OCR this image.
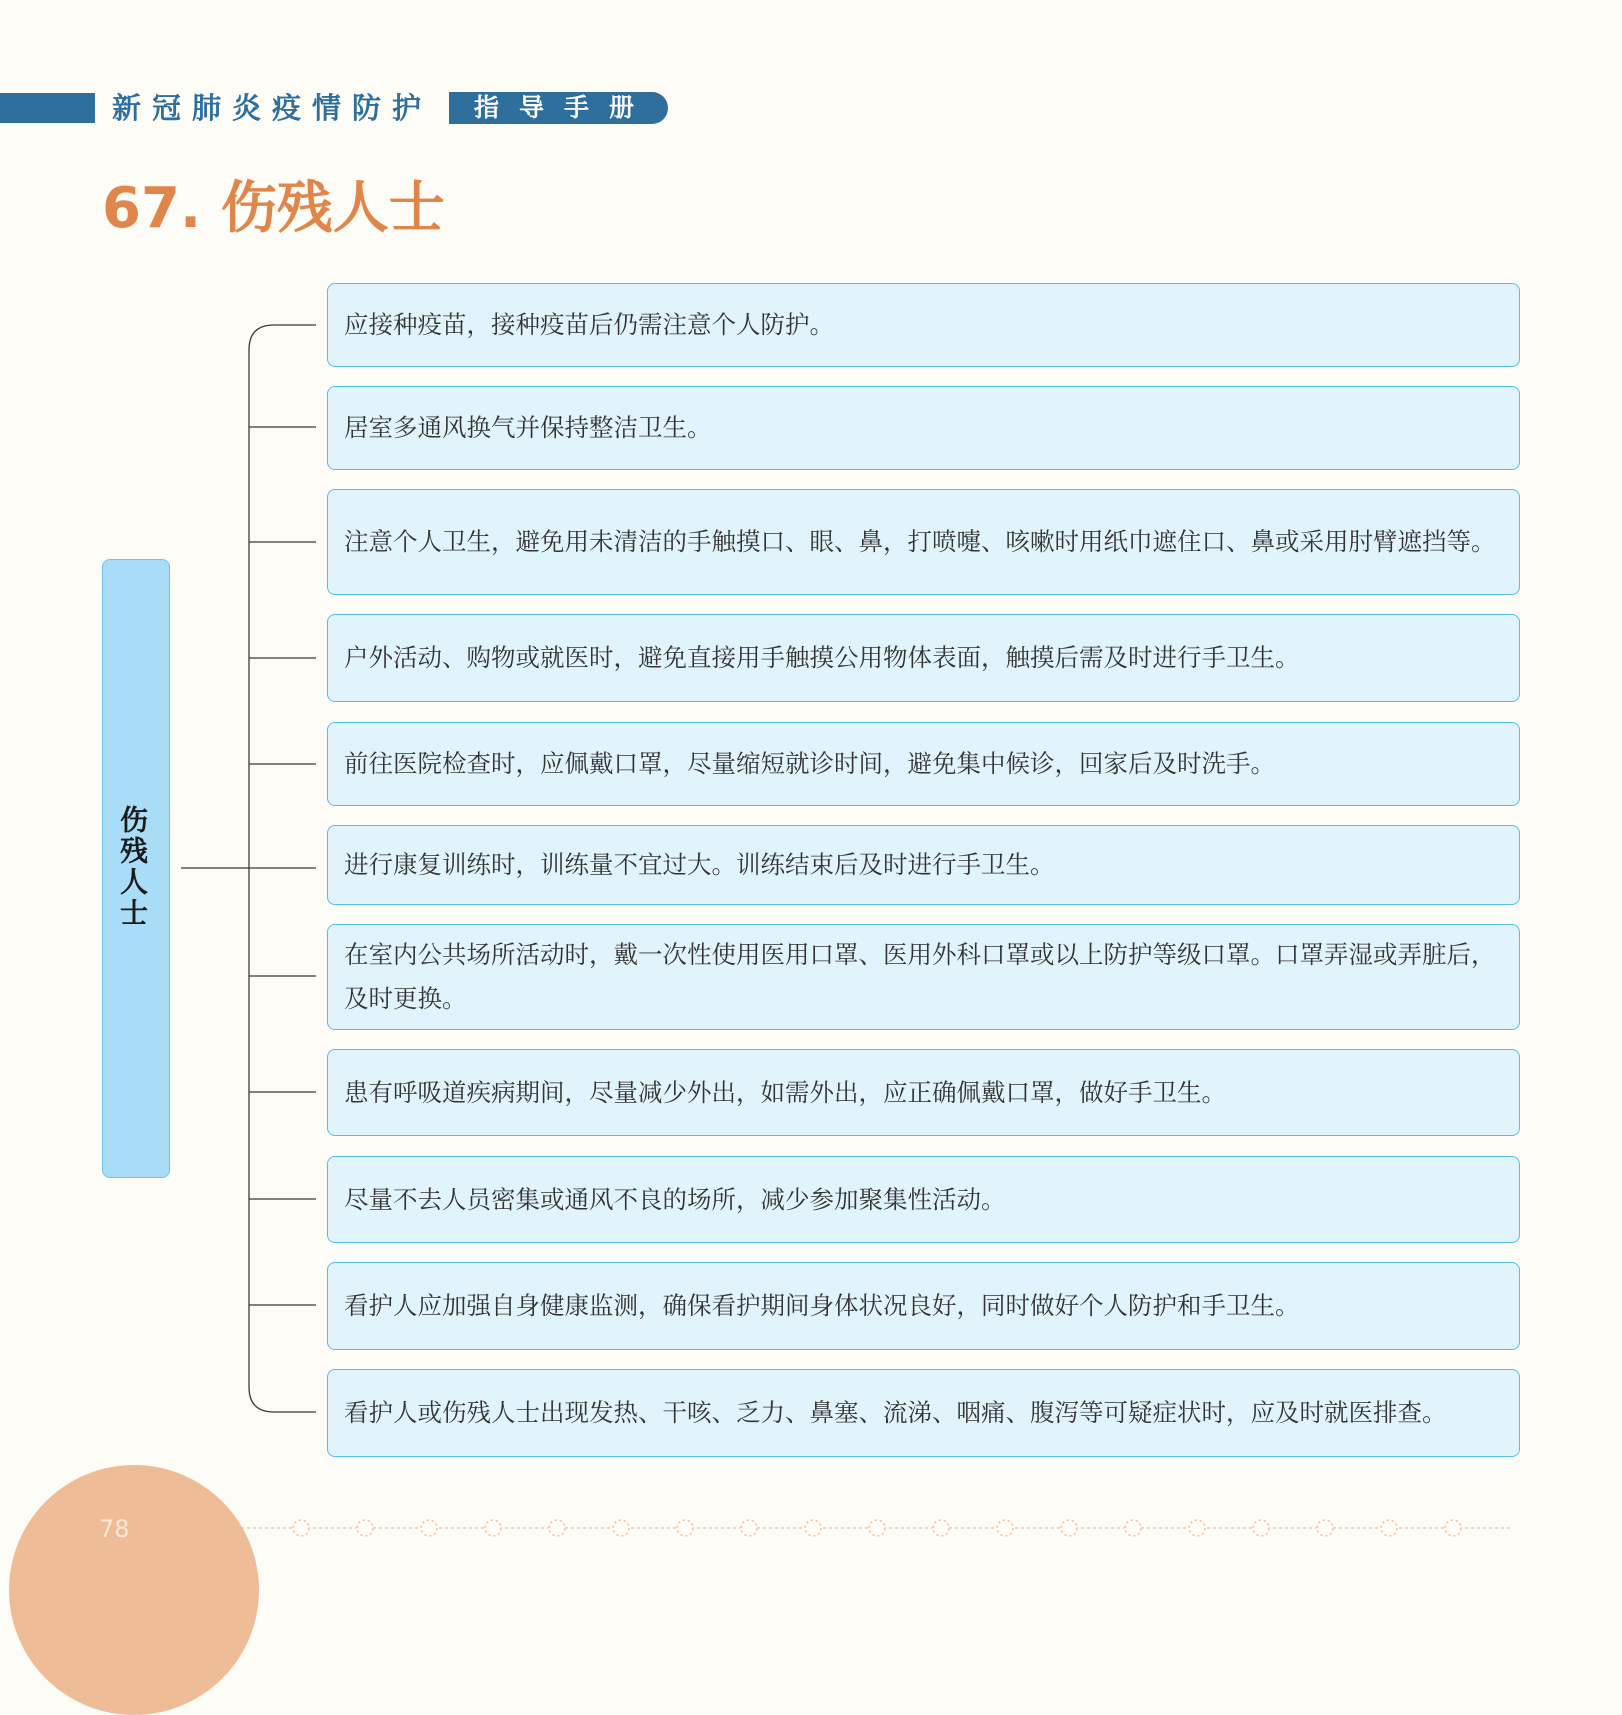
新冠肺炎疫情防护 指导手册
67. 伤残人士
伤残人士

应接种疫苗，接种疫苗后仍需注意个人防护。

居室多通风换气并保持整洁卫生。

注意个人卫生，避免用未清洁的手触摸口、眼、鼻，打喷嚏、咳嗽时用纸巾遮住口、鼻或采用肘臂遮挡等。

户外活动、购物或就医时，避免直接用手触摸公用物体表面，触摸后需及时进行手卫生。

前往医院检查时，应佩戴口罩，尽量缩短就诊时间，避免集中候诊，回家后及时洗手。

进行康复训练时，训练量不宜过大。训练结束后及时进行手卫生。

在室内公共场所活动时，戴一次性使用医用口罩、医用外科口罩或以上防护等级口罩。口罩弄湿或弄脏后，及时更换。

患有呼吸道疾病期间，尽量减少外出，如需外出，应正确佩戴口罩，做好手卫生。

尽量不去人员密集或通风不良的场所，减少参加聚集性活动。

看护人应加强自身健康监测，确保看护期间身体状况良好，同时做好个人防护和手卫生。

看护人或伤残人士出现发热、干咳、乏力、鼻塞、流涕、咽痛、腹泻等可疑症状时，应及时就医排查。

78
